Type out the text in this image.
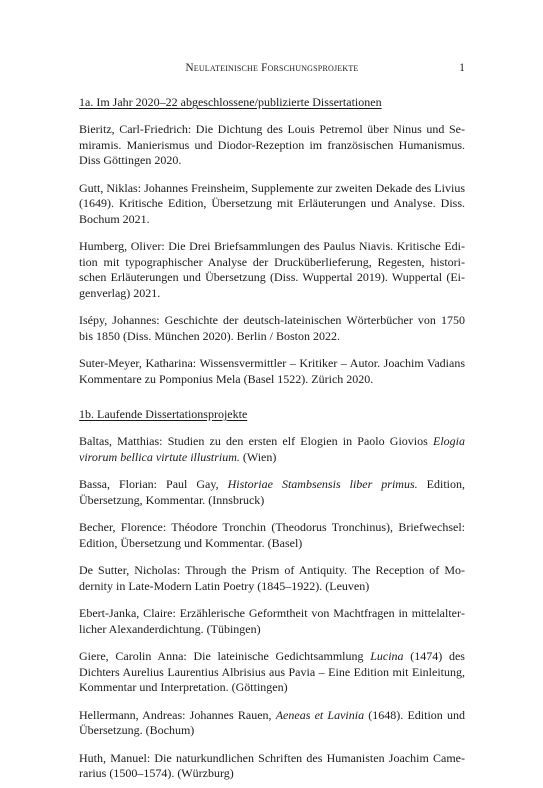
Neulateinische Forschungsprojekte	1
1a. Im Jahr 2020–22 abgeschlossene/publizierte Dissertationen

Bieritz, Carl-Friedrich: Die Dichtung des Louis Petremol über Ninus und Semiramis. Manierismus und Diodor-Rezeption im französischen Humanismus. Diss Göttingen 2020.

Gutt, Niklas: Johannes Freinsheim, Supplemente zur zweiten Dekade des Livius (1649). Kritische Edition, Übersetzung mit Erläuterungen und Analyse. Diss. Bochum 2021.

Humberg, Oliver: Die Drei Briefsammlungen des Paulus Niavis. Kritische Edition mit typographischer Analyse der Drucküberlieferung, Regesten, historischen Erläuterungen und Übersetzung (Diss. Wuppertal 2019). Wuppertal (Eigenverlag) 2021.

Isépy, Johannes: Geschichte der deutsch-lateinischen Wörterbücher von 1750 bis 1850 (Diss. München 2020). Berlin / Boston 2022.

Suter-Meyer, Katharina: Wissensvermittler – Kritiker – Autor. Joachim Vadians Kommentare zu Pomponius Mela (Basel 1522). Zürich 2020.

1b. Laufende Dissertationsprojekte

Baltas, Matthias: Studien zu den ersten elf Elogien in Paolo Giovios Elogia virorum bellica virtute illustrium. (Wien)

Bassa, Florian: Paul Gay, Historiae Stambsensis liber primus. Edition, Übersetzung, Kommentar. (Innsbruck)

Becher, Florence: Théodore Tronchin (Theodorus Tronchinus), Briefwechsel: Edition, Übersetzung und Kommentar. (Basel)

De Sutter, Nicholas: Through the Prism of Antiquity. The Reception of Modernity in Late-Modern Latin Poetry (1845–1922). (Leuven)

Ebert-Janka, Claire: Erzählerische Geformtheit von Machtfragen in mittelalterlicher Alexanderdichtung. (Tübingen)

Giere, Carolin Anna: Die lateinische Gedichtsammlung Lucina (1474) des Dichters Aurelius Laurentius Albrisius aus Pavia – Eine Edition mit Einleitung, Kommentar und Interpretation. (Göttingen)

Hellermann, Andreas: Johannes Rauen, Aeneas et Lavinia (1648). Edition und Übersetzung. (Bochum)

Huth, Manuel: Die naturkundlichen Schriften des Humanisten Joachim Camerarius (1500–1574). (Würzburg)
